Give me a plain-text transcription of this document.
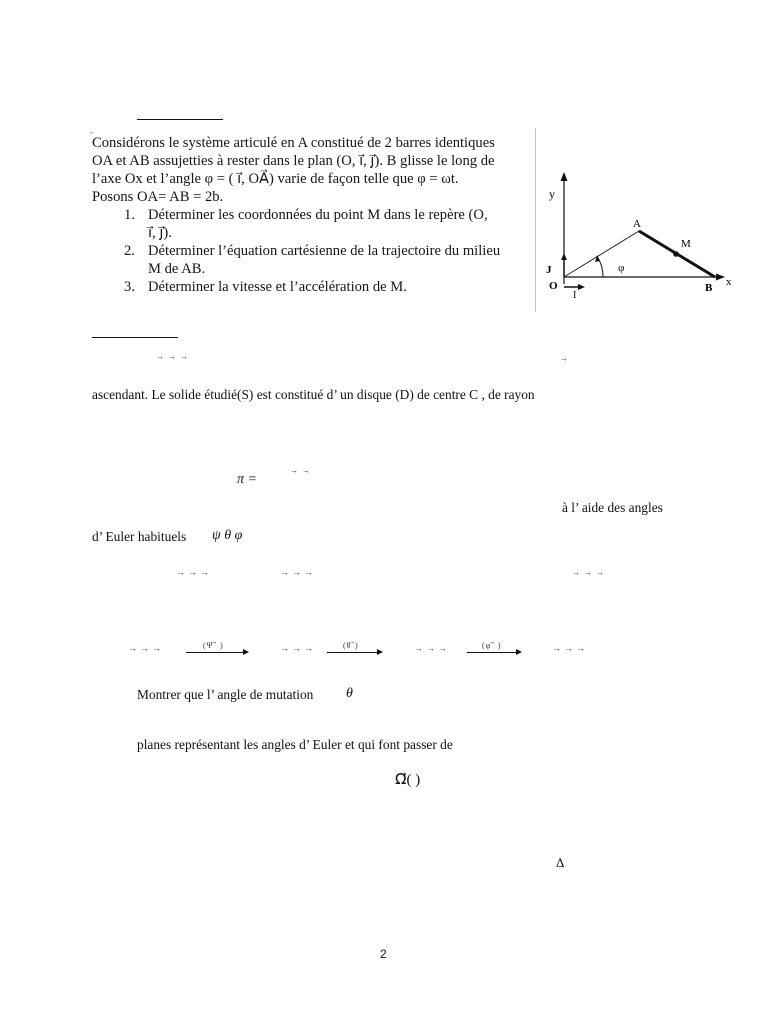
⌐
Considérons le système articulé en A constitué de 2 barres identiques
OA et AB assujetties à rester dans le plan (O, i⃗, j⃗). B glisse le long de
l’axe Ox et l’angle φ = ( i⃗, OA⃗) varie de façon telle que φ = ωt.
Posons OA= AB = 2b.
1. Déterminer les coordonnées du point M dans le repère (O,
i⃗, j⃗).
2. Déterminer l’équation cartésienne de la trajectoire du milieu
M de AB.
3. Déterminer la vitesse et l’accélération de M.
y
x
O
A
B
M
J
I
φ
→ → →	→
ascendant. Le solide étudié(S) est constitué d’ un disque (D) de centre C , de rayon
π =
→ →
à l’ aide des angles
d’ Euler habituels ψ θ φ
→ → →	→ → →	→ → →
→ → →	(Ψ ⃗ )	→ → →	(θ ⃗)	→ → →	(φ ⃗ )	→ → →
Montrer que l’ angle de mutation θ
planes représentant les angles d’ Euler et qui font passer de
Ω⃗( )
Δ
2
